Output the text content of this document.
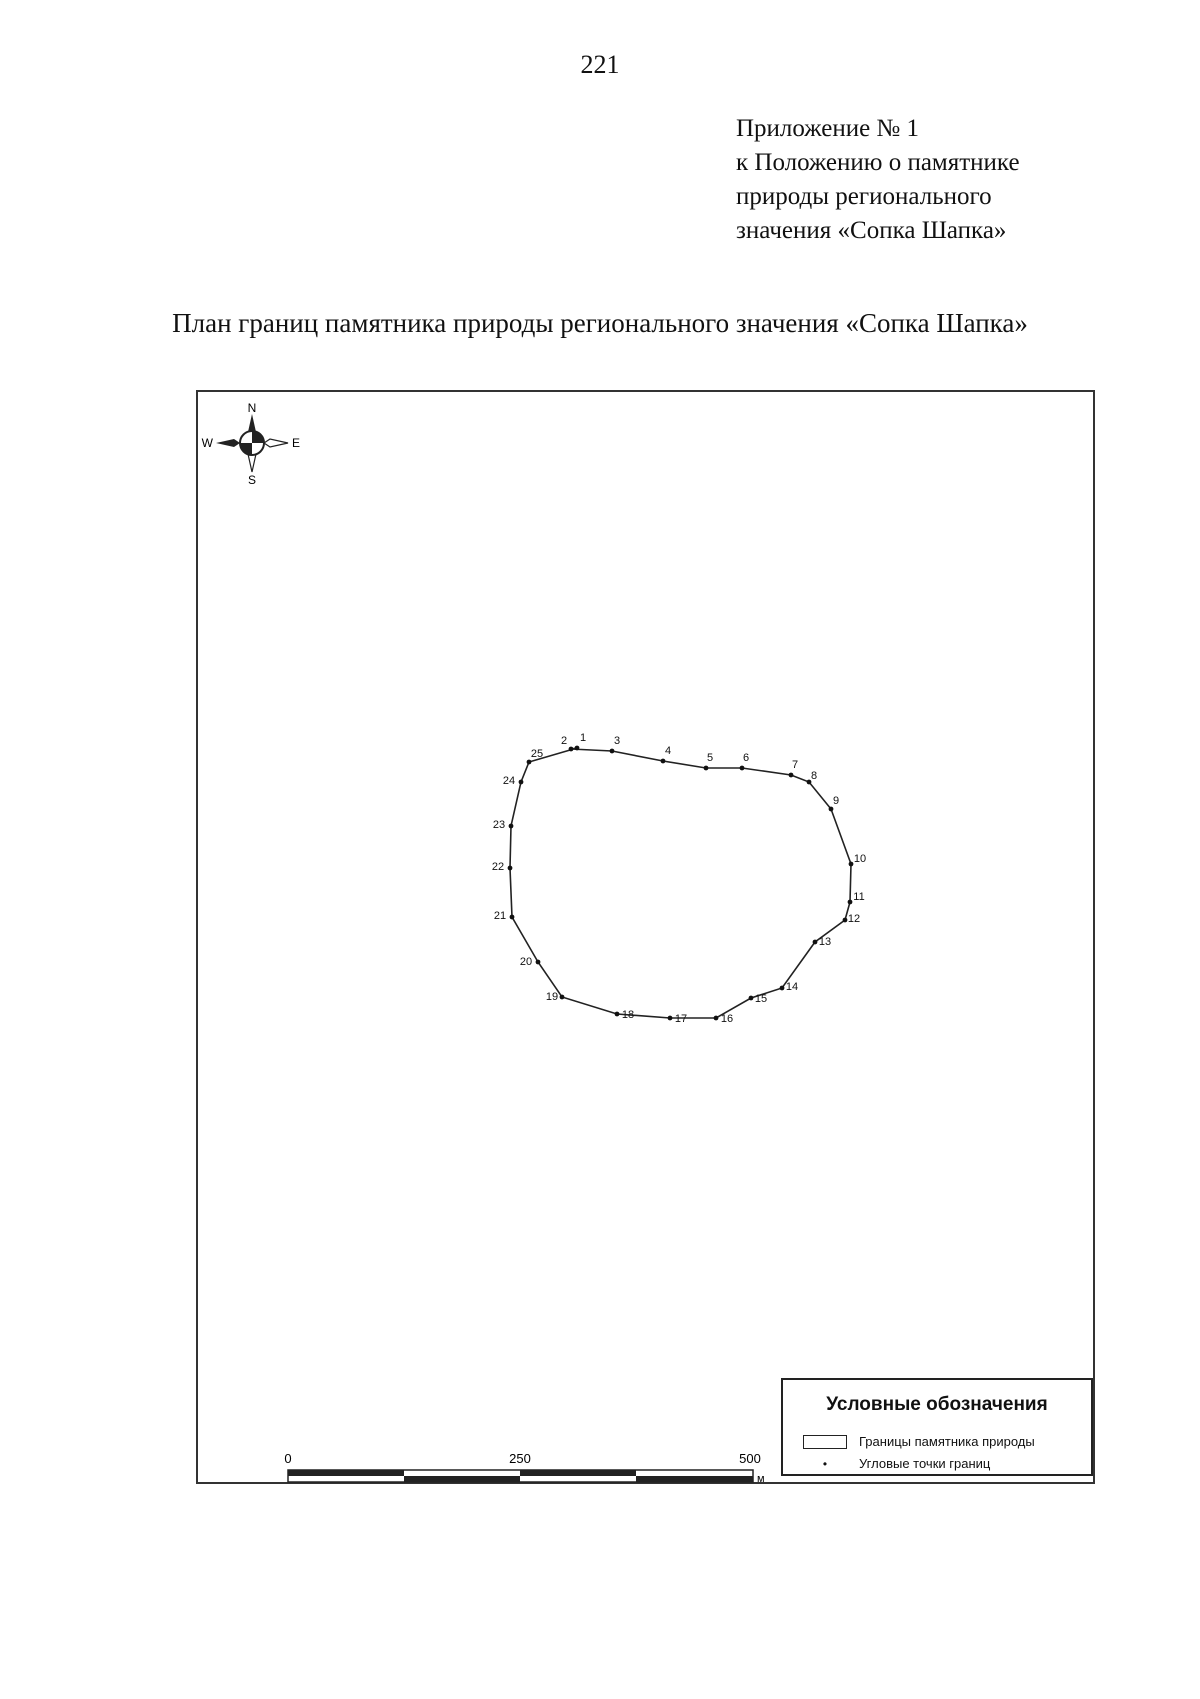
221
Приложение № 1
к Положению о памятнике
природы регионального
значения «Сопка Шапка»
План границ памятника природы регионального значения «Сопка Шапка»
N
S
E
W
1
2	3
4
5	6
7
8
9
10
11
12
13
14
15
16
17
18
19
20
21
22
23
24
25
0	250	500
м
Условные обозначения
Границы памятника природы
•	Угловые точки границ
